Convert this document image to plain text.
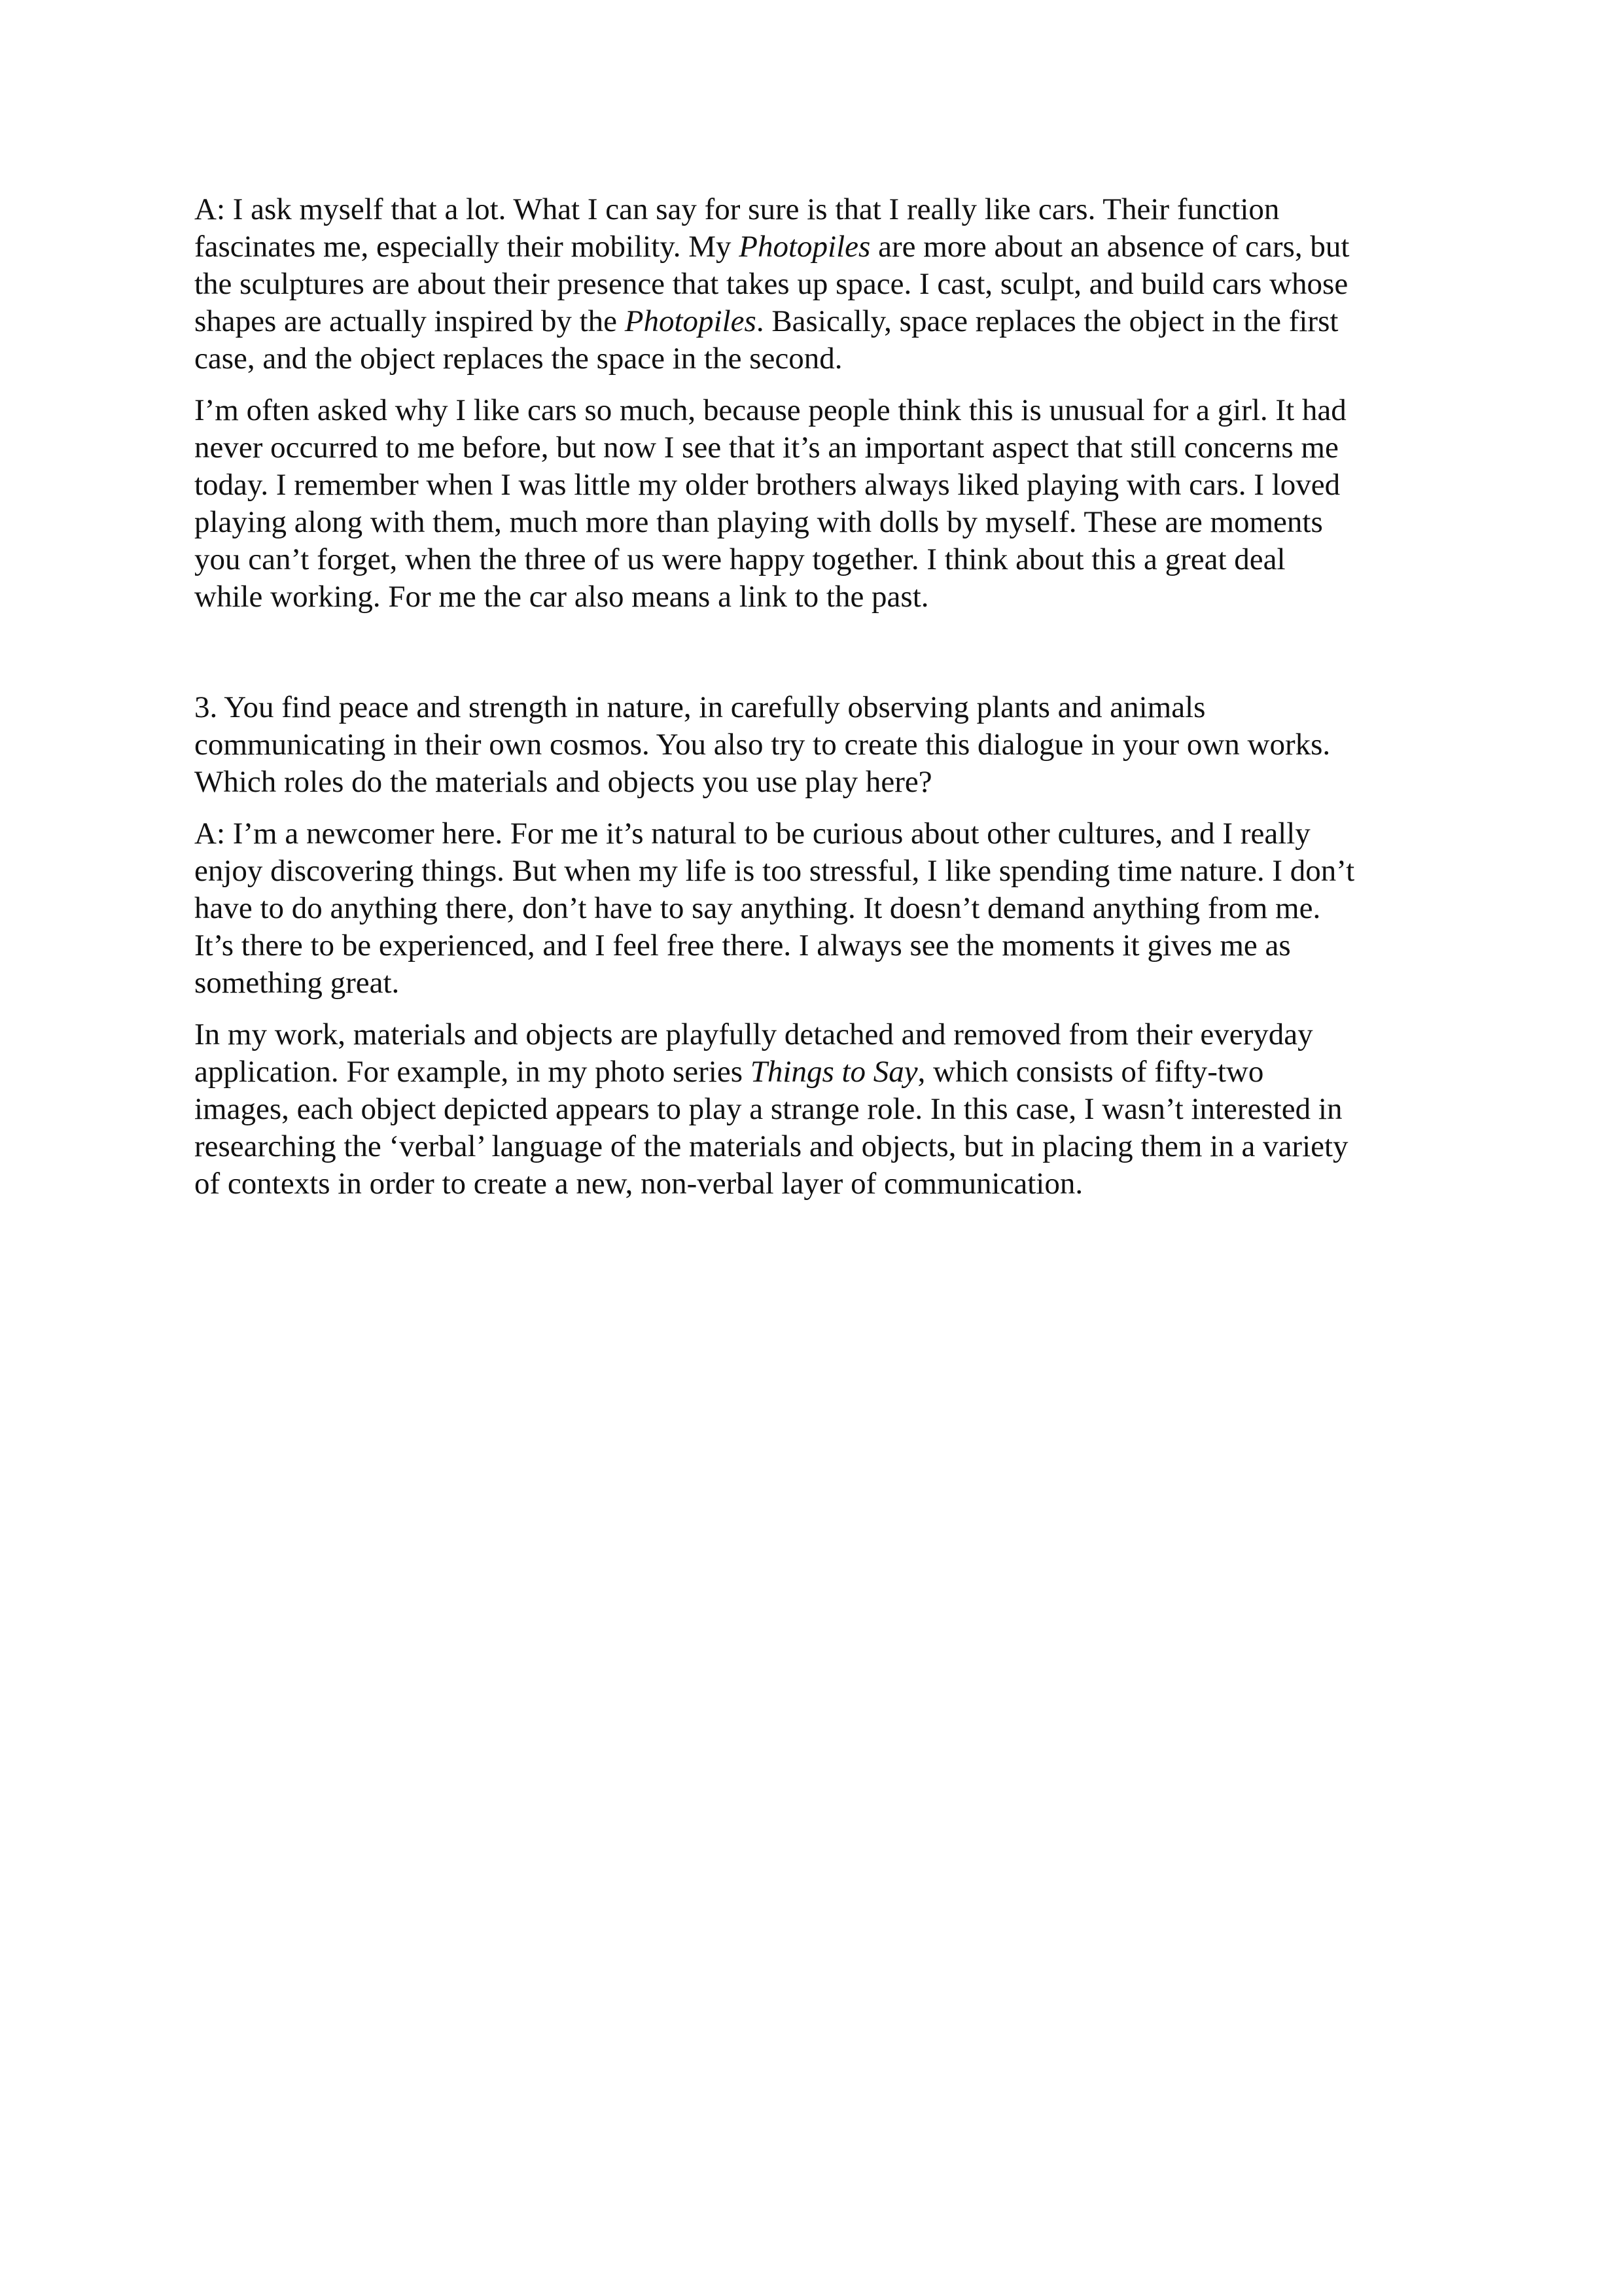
A: I ask myself that a lot. What I can say for sure is that I really like cars. Their function
fascinates me, especially their mobility. My Photopiles are more about an absence of cars, but
the sculptures are about their presence that takes up space. I cast, sculpt, and build cars whose
shapes are actually inspired by the Photopiles. Basically, space replaces the object in the first
case, and the object replaces the space in the second.
I’m often asked why I like cars so much, because people think this is unusual for a girl. It had
never occurred to me before, but now I see that it’s an important aspect that still concerns me
today. I remember when I was little my older brothers always liked playing with cars. I loved
playing along with them, much more than playing with dolls by myself. These are moments
you can’t forget, when the three of us were happy together. I think about this a great deal
while working. For me the car also means a link to the past.
3. You find peace and strength in nature, in carefully observing plants and animals
communicating in their own cosmos. You also try to create this dialogue in your own works.
Which roles do the materials and objects you use play here?
A: I’m a newcomer here. For me it’s natural to be curious about other cultures, and I really
enjoy discovering things. But when my life is too stressful, I like spending time nature. I don’t
have to do anything there, don’t have to say anything. It doesn’t demand anything from me.
It’s there to be experienced, and I feel free there. I always see the moments it gives me as
something great.
In my work, materials and objects are playfully detached and removed from their everyday
application. For example, in my photo series Things to Say, which consists of fifty-two
images, each object depicted appears to play a strange role. In this case, I wasn’t interested in
researching the ‘verbal’ language of the materials and objects, but in placing them in a variety
of contexts in order to create a new, non-verbal layer of communication.
